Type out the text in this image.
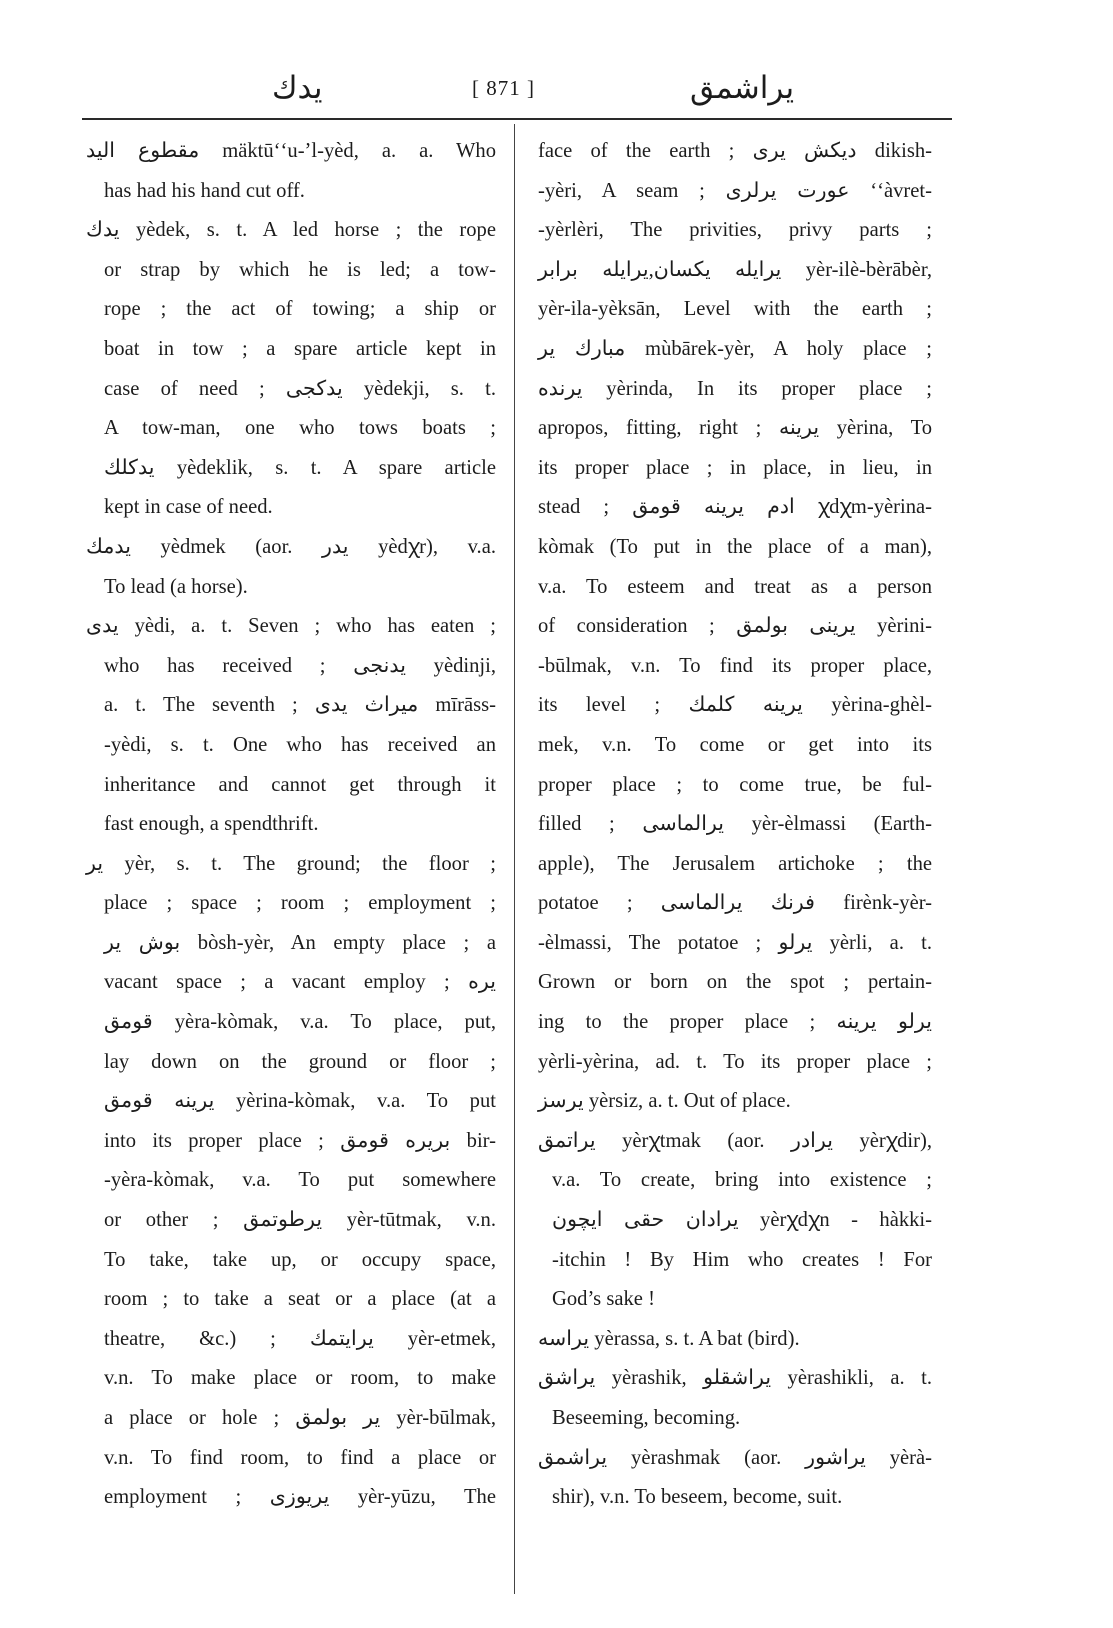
يدك	[ 871 ]	يراشمق
مقطوع اليد mäktūʻʻu-’l-yèd, a. a. Who
has had his hand cut off.
يدك yèdek, s. t. A led horse ; the rope
or strap by which he is led; a tow-
rope ; the act of towing; a ship or
boat in tow ; a spare article kept in
case of need ; يدكجى yèdekji, s. t.
A tow-man, one who tows boats ;
يدكلك yèdeklik, s. t. A spare article
kept in case of need.
يدمك yèdmek (aor. يدر yèdꭓr), v.a.
To lead (a horse).
يدى yèdi, a. t. Seven ; who has eaten ;
who has received ; يدنجى yèdinji,
a. t. The seventh ; ميراث يدى mīrāss-
-yèdi, s. t. One who has received an
inheritance and cannot get through it
fast enough, a spendthrift.
ير yèr, s. t. The ground; the floor ;
place ; space ; room ; employment ;
بوش ير bòsh-yèr, An empty place ; a
vacant space ; a vacant employ ; يره
قومق yèra-kòmak, v.a. To place, put,
lay down on the ground or floor ;
يرينه قومق yèrina-kòmak, v.a. To put
into its proper place ; بريره قومق bir-
-yèra-kòmak, v.a. To put somewhere
or other ; يرطوتمق yèr-tūtmak, v.n.
To take, take up, or occupy space,
room ; to take a seat or a place (at a
theatre, &c.) ; يرايتمك yèr-etmek,
v.n. To make place or room, to make
a place or hole ; ير بولمق yèr-būlmak,
v.n. To find room, to find a place or
employment ; يريوزى yèr-yūzu, The
face of the earth ; دیكش يرى dikish-
-yèri, A seam ; عورت يرلرى ʻʻàvret-
-yèrlèri, The privities, privy parts ;
يرايله يكسان,يرايله برابر yèr-ilè-bèrābèr,
yèr-ila-yèksān, Level with the earth ;
مبارك ير mùbārek-yèr, A holy place ;
يرنده yèrinda, In its proper place ;
apropos, fitting, right ; يرينه yèrina, To
its proper place ; in place, in lieu, in
stead ; ادم يرينه قومق ꭓdꭓm-yèrina-
kòmak (To put in the place of a man),
v.a. To esteem and treat as a person
of consideration ; يرينى بولمق yèrini-
-būlmak, v.n. To find its proper place,
its level ; يرينه كلمك yèrina-ghèl-
mek, v.n. To come or get into its
proper place ; to come true, be ful-
filled ; يرالماسى yèr-èlmassi (Earth-
apple), The Jerusalem artichoke ; the
potatoe ; فرنك يرالماسى firènk-yèr-
-èlmassi, The potatoe ; يرلو yèrli, a. t.
Grown or born on the spot ; pertain-
ing to the proper place ; يرلو يرينه
yèrli-yèrina, ad. t. To its proper place ;
يرسز yèrsiz, a. t. Out of place.
يراتمق yèrꭓtmak (aor. يرادر yèrꭓdir),
v.a. To create, bring into existence ;
يرادان حقى ايچون yèrꭓdꭓn - hàkki-
-itchin ! By Him who creates ! For
God’s sake !
يراسه yèrassa, s. t. A bat (bird).
يراشق yèrashik, يراشقلو yèrashikli, a. t.
Beseeming, becoming.
يراشمق yèrashmak (aor. يراشور yèrà-
shir), v.n. To beseem, become, suit.
